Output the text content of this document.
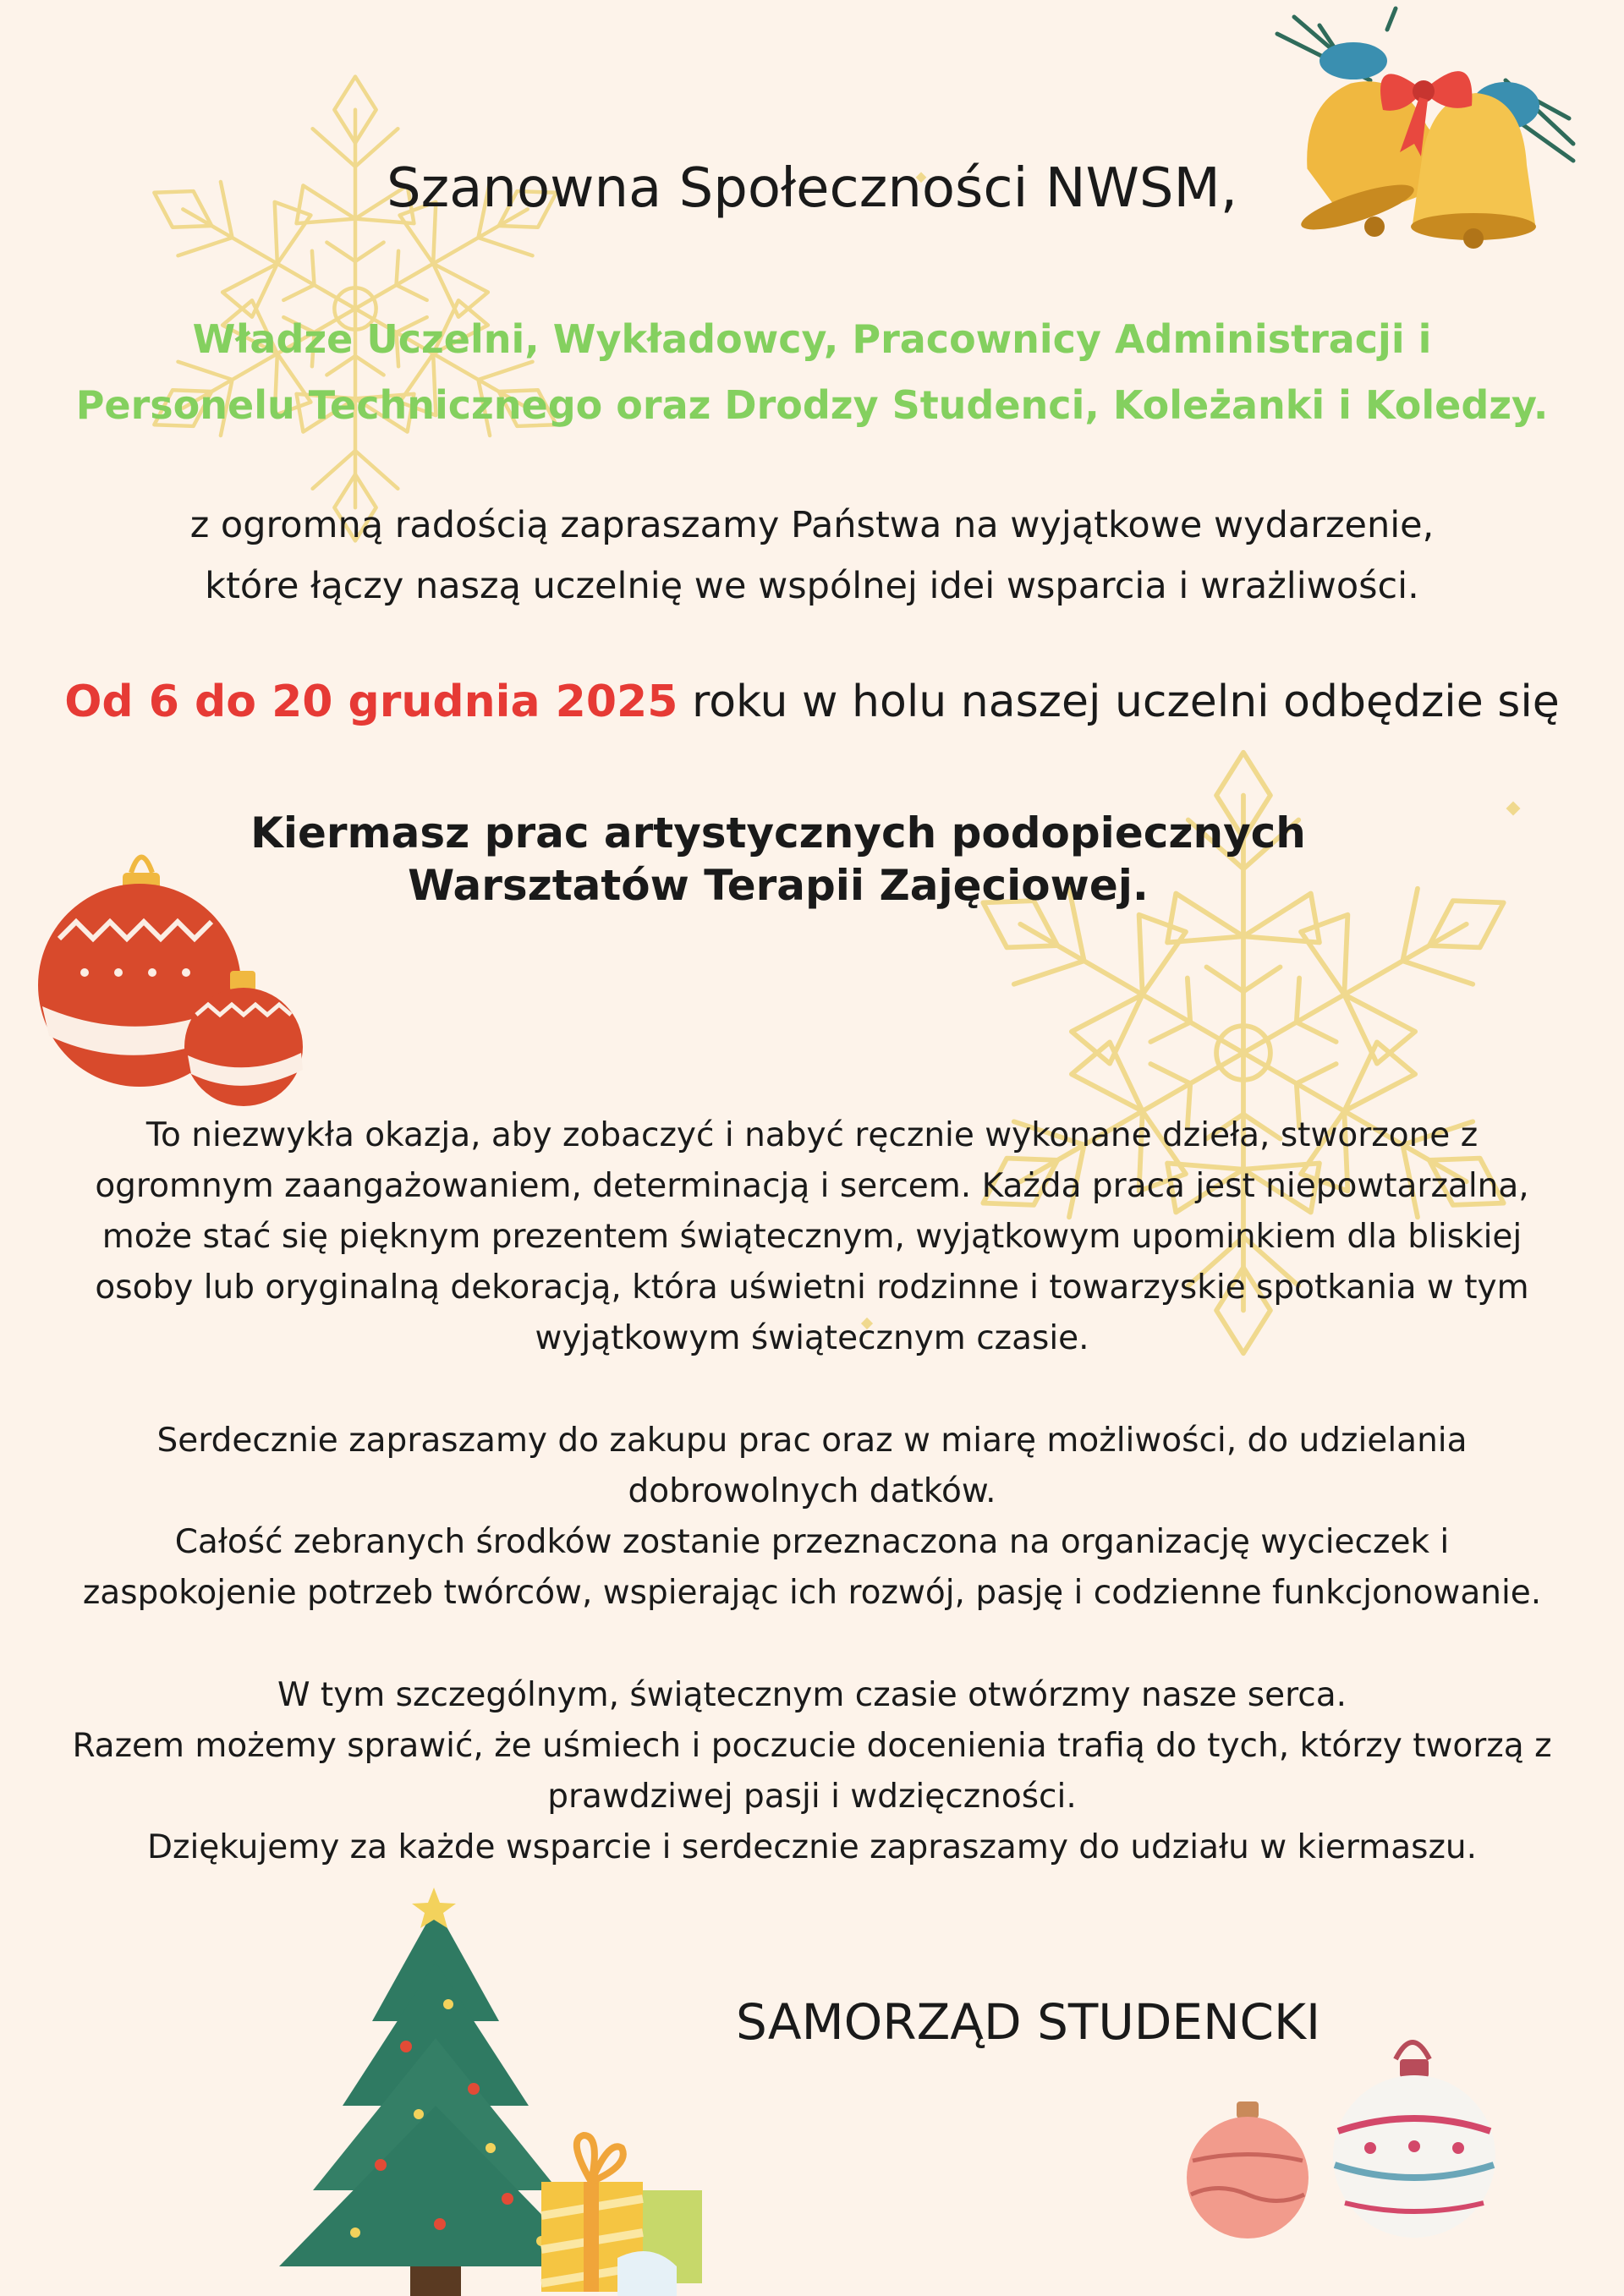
Szanowna Społeczności NWSM,

Władze Uczelni, Wykładowcy, Pracownicy Administracji i
Personelu Technicznego oraz Drodzy Studenci, Koleżanki i Koledzy.

z ogromną radością zapraszamy Państwa na wyjątkowe wydarzenie,
które łączy naszą uczelnię we wspólnej idei wsparcia i wrażliwości.

Od 6 do 20 grudnia 2025 roku w holu naszej uczelni odbędzie się

Kiermasz prac artystycznych podopiecznych
Warsztatów Terapii Zajęciowej.

To niezwykła okazja, aby zobaczyć i nabyć ręcznie wykonane dzieła, stworzone z
ogromnym zaangażowaniem, determinacją i sercem. Każda praca jest niepowtarzalna,
może stać się pięknym prezentem świątecznym, wyjątkowym upominkiem dla bliskiej
osoby lub oryginalną dekoracją, która uświetni rodzinne i towarzyskie spotkania w tym
wyjątkowym świątecznym czasie.

Serdecznie zapraszamy do zakupu prac oraz w miarę możliwości, do udzielania
dobrowolnych datków.
Całość zebranych środków zostanie przeznaczona na organizację wycieczek i
zaspokojenie potrzeb twórców, wspierając ich rozwój, pasję i codzienne funkcjonowanie.

W tym szczególnym, świątecznym czasie otwórzmy nasze serca.
Razem możemy sprawić, że uśmiech i poczucie docenienia trafią do tych, którzy tworzą z
prawdziwej pasji i wdzięczności.
Dziękujemy za każde wsparcie i serdecznie zapraszamy do udziału w kiermaszu.

SAMORZĄD STUDENCKI
